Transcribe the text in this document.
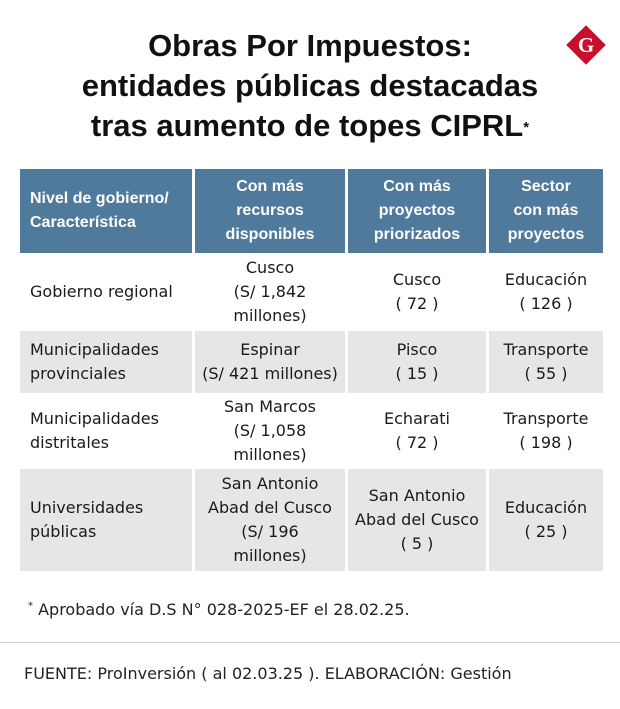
Obras Por Impuestos:
entidades públicas destacadas
tras aumento de topes CIPRL*
G
Nivel de gobierno/
Característica	Con más
recursos
disponibles	Con más
proyectos
priorizados	Sector
con más
proyectos

Gobierno regional	Cusco
(S/ 1,842
millones)	Cusco
( 72 )	Educación
( 126 )

Municipalidades
provinciales	Espinar
(S/ 421 millones)	Pisco
( 15 )	Transporte
( 55 )

Municipalidades
distritales	San Marcos
(S/ 1,058
millones)	Echarati
( 72 )	Transporte
( 198 )

Universidades
públicas	San Antonio
Abad del Cusco
(S/ 196
millones)	San Antonio
Abad del Cusco
( 5 )	Educación
( 25 )
* Aprobado vía D.S N° 028-2025-EF el 28.02.25.
FUENTE: ProInversión ( al 02.03.25 ). ELABORACIÓN: Gestión
